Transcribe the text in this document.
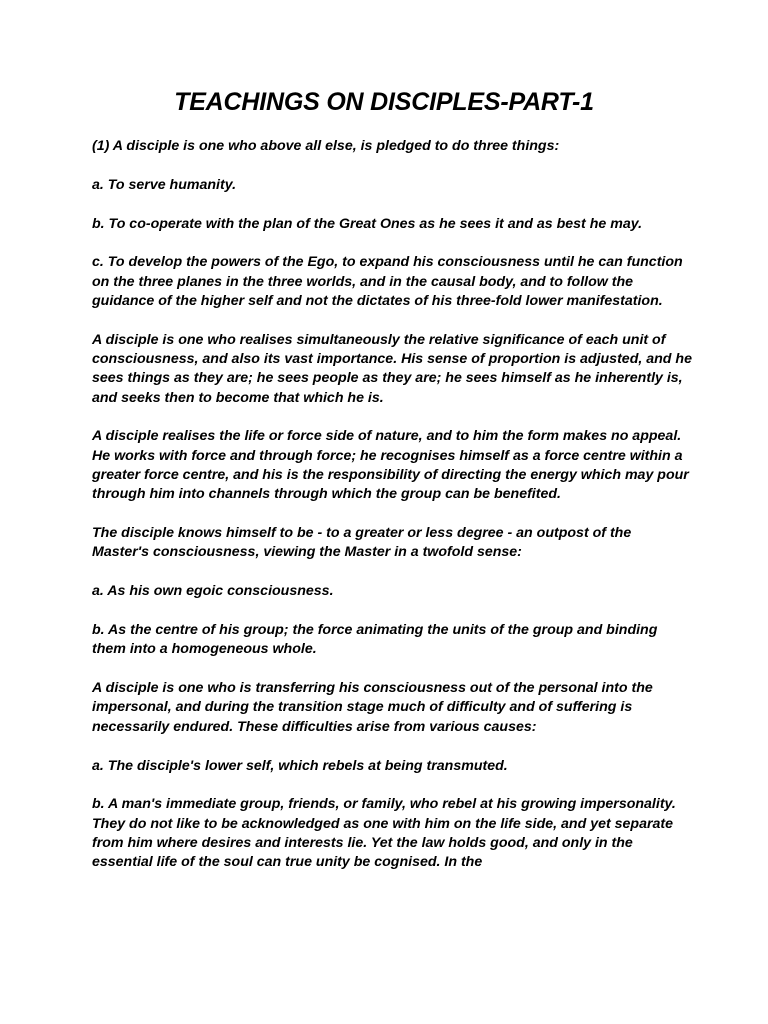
TEACHINGS ON DISCIPLES-PART-1

(1) A disciple is one who above all else, is pledged to do three things:

a. To serve humanity.

b. To co-operate with the plan of the Great Ones as he sees it and as best he may.

c. To develop the powers of the Ego, to expand his consciousness until he can function on the three planes in the three worlds, and in the causal body, and to follow the guidance of the higher self and not the dictates of his three-fold lower manifestation.

A disciple is one who realises simultaneously the relative significance of each unit of consciousness, and also its vast importance. His sense of proportion is adjusted, and he sees things as they are; he sees people as they are; he sees himself as he inherently is, and seeks then to become that which he is.

A disciple realises the life or force side of nature, and to him the form makes no appeal. He works with force and through force; he recognises himself as a force centre within a greater force centre, and his is the responsibility of directing the energy which may pour through him into channels through which the group can be benefited.

The disciple knows himself to be - to a greater or less degree - an outpost of the Master's consciousness, viewing the Master in a twofold sense:

a. As his own egoic consciousness.

b. As the centre of his group; the force animating the units of the group and binding them into a homogeneous whole.

A disciple is one who is transferring his consciousness out of the personal into the impersonal, and during the transition stage much of difficulty and of suffering is necessarily endured. These difficulties arise from various causes:

a. The disciple's lower self, which rebels at being transmuted.

b. A man's immediate group, friends, or family, who rebel at his growing impersonality. They do not like to be acknowledged as one with him on the life side, and yet separate from him where desires and interests lie. Yet the law holds good, and only in the essential life of the soul can true unity be cognised. In the
